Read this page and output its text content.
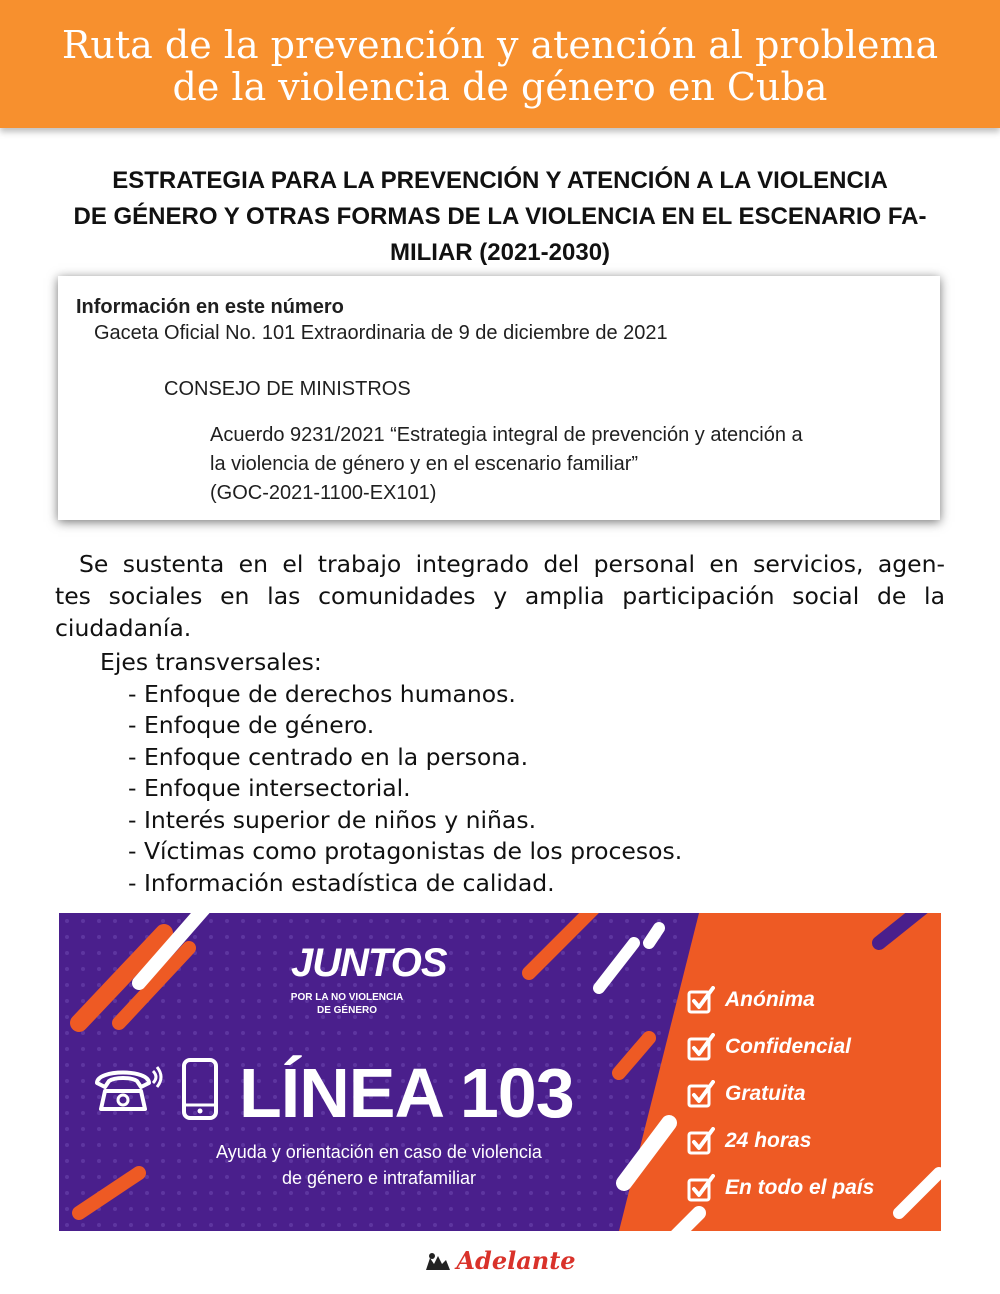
Ruta de la prevención y atención al problema
de la violencia de género en Cuba
ESTRATEGIA PARA LA PREVENCIÓN Y ATENCIÓN A LA VIOLENCIA
DE GÉNERO Y OTRAS FORMAS DE LA VIOLENCIA EN EL ESCENARIO FA-
MILIAR (2021-2030)
Información en este número
Gaceta Oficial No. 101 Extraordinaria de 9 de diciembre de 2021
CONSEJO DE MINISTROS
Acuerdo 9231/2021 “Estrategia integral de prevención y atención a
la violencia de género y en el escenario familiar”
(GOC-2021-1100-EX101)
Se sustenta en el trabajo integrado del personal en servicios, agen-
tes sociales en las comunidades y amplia participación social de la
ciudadanía.
Ejes transversales:
- Enfoque de derechos humanos.
- Enfoque de género.
- Enfoque centrado en la persona.
- Enfoque intersectorial.
- Interés superior de niños y niñas.
- Víctimas como protagonistas de los procesos.
- Información estadística de calidad.
JUNTOS
POR LA NO VIOLENCIA
DE GÉNERO
LÍNEA 103
Ayuda y orientación en caso de violencia
de género e intrafamiliar
Anónima
Confidencial
Gratuita
24 horas
En todo el país
Adelante
